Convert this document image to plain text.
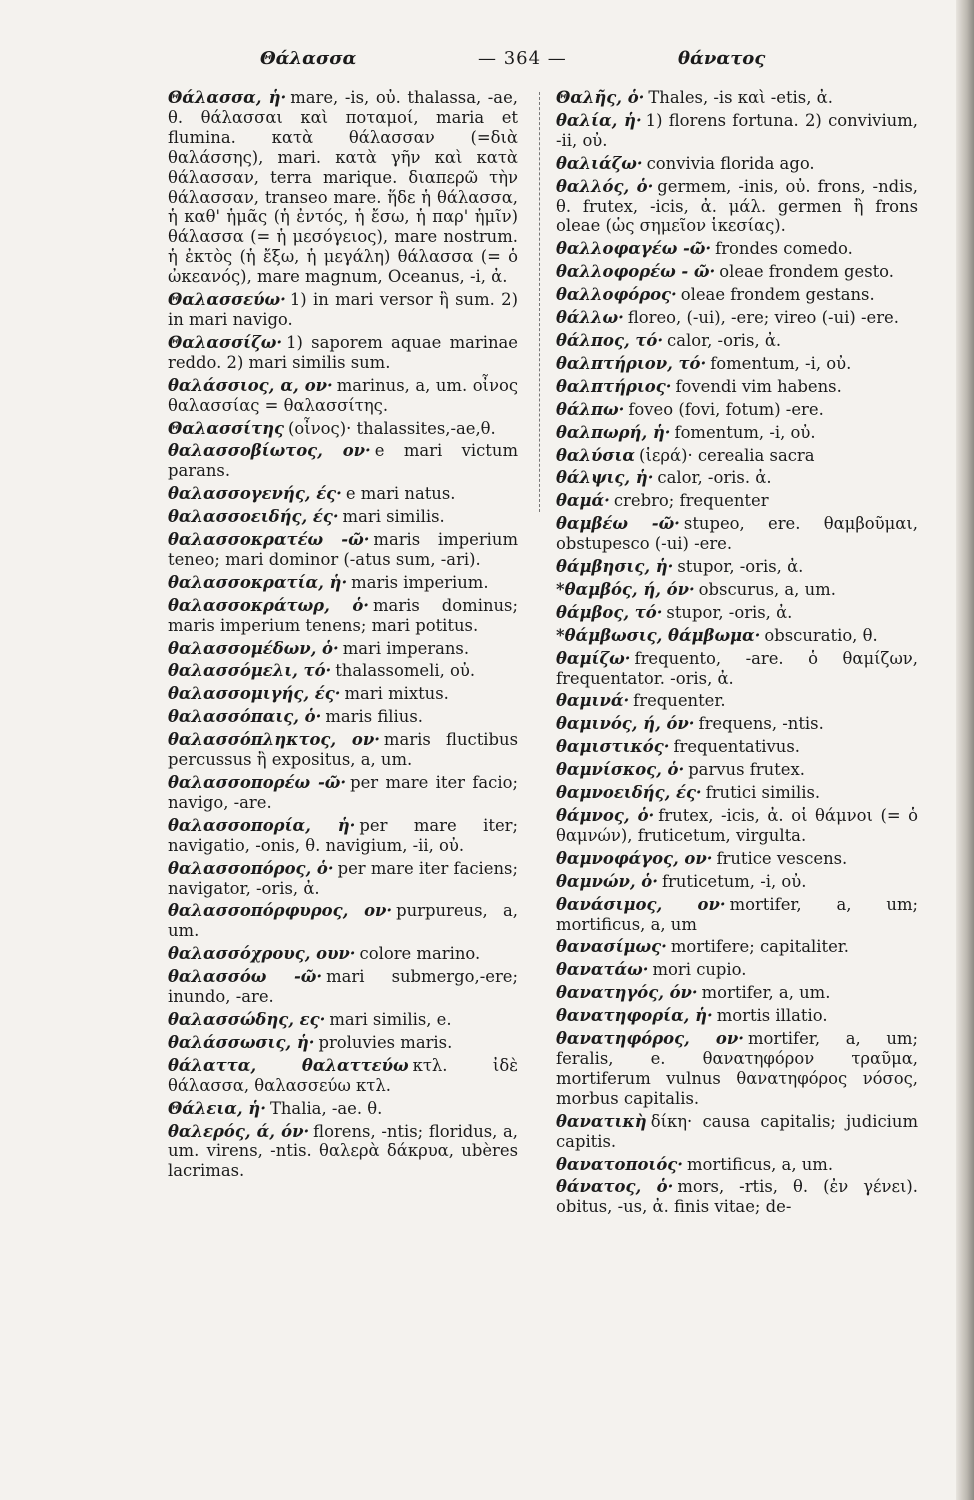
Θάλασσα	— 364 —	θάνατος

Θάλασσα, ἡ· mare, -is, οὐ. thalassa, -ae, θ. θάλασσαι καὶ ποταμοί, maria et flumina. κατὰ θάλασσαν (=διὰ θαλάσσης), mari. κατὰ γῆν καὶ κατὰ θάλασσαν, terra marique. διαπερῶ τὴν θάλασσαν, transeo mare. ἥδε ἡ θάλασσα, ἡ καθ' ἡμᾶς (ἡ ἐντός, ἡ ἔσω, ἡ παρ' ἡμῖν) θάλασσα (= ἡ μεσόγειος), mare nostrum. ἡ ἐκτὸς (ἡ ἔξω, ἡ μεγάλη) θάλασσα (= ὁ ὠκεανός), mare magnum, Oceanus, -i, ἀ.

Θαλασσεύω· 1) in mari versor ἢ sum. 2) in mari navigo.

Θαλασσίζω· 1) saporem aquae marinae reddo. 2) mari similis sum.

θαλάσσιος, α, ον· marinus, a, um. οἶνος θαλασσίας = θαλασσίτης.

Θαλασσίτης (οἶνος)· thalassites,-ae,θ.

θαλασσοβίωτος, ον· e mari victum parans.

θαλασσογενής, ές· e mari natus.

θαλασσοειδής, ές· mari similis.

θαλασσοκρατέω -ῶ· maris imperium teneo; mari dominor (-atus sum, -ari).

θαλασσοκρατία, ἡ· maris imperium.

θαλασσοκράτωρ, ὁ· maris dominus; maris imperium tenens; mari potitus.

θαλασσομέδων, ὁ· mari imperans.

θαλασσόμελι, τό· thalassomeli, οὐ.

θαλασσομιγής, ές· mari mixtus.

θαλασσόπαις, ὁ· maris filius.

θαλασσόπληκτος, ον· maris fluctibus percussus ἢ expositus, a, um.

θαλασσοπορέω -ῶ· per mare iter facio; navigo, -are.

θαλασσοπορία, ἡ· per mare iter; navigatio, -onis, θ. navigium, -ii, οὐ.

θαλασσοπόρος, ὁ· per mare iter faciens; navigator, -oris, ἀ.

θαλασσοπόρφυρος, ον· purpureus, a, um.

θαλασσόχρους, ουν· colore marino.

θαλασσόω -ῶ· mari submergo,-ere; inundo, -are.

θαλασσώδης, ες· mari similis, e.

θαλάσσωσις, ἡ· proluvies maris.

θάλαττα, θαλαττεύω κτλ. ἰδὲ θάλασσα, θαλασσεύω κτλ.

Θάλεια, ἡ· Thalia, -ae. θ.

θαλερός, ά, όν· florens, -ntis; floridus, a, um. virens, -ntis. θαλερὰ δάκρυα, ubères lacrimas.

Θαλῆς, ὁ· Thales, -is καὶ -etis, ἀ.

θαλία, ἡ· 1) florens fortuna. 2) convivium, -ii, οὐ.

θαλιάζω· convivia florida ago.

θαλλός, ὁ· germem, -inis, οὐ. frons, -ndis, θ. frutex, -icis, ἀ. μάλ. germen ἢ frons oleae (ὡς σημεῖον ἱκεσίας).

θαλλοφαγέω -ῶ· frondes comedo.

θαλλοφορέω - ῶ· oleae frondem gesto.

θαλλοφόρος· oleae frondem gestans.

θάλλω· floreo, (-ui), -ere; vireo (-ui) -ere.

θάλπος, τό· calor, -oris, ἀ.

θαλπτήριον, τό· fomentum, -i, οὐ.

θαλπτήριος· fovendi vim habens.

θάλπω· foveo (fovi, fotum) -ere.

θαλπωρή, ἡ· fomentum, -i, οὐ.

θαλύσια (ἱερά)· cerealia sacra

θάλψις, ἡ· calor, -oris. ἀ.

θαμά· crebro; frequenter

θαμβέω -ῶ· stupeo, ere. θαμβοῦμαι, obstupesco (-ui) -ere.

θάμβησις, ἡ· stupor, -oris, ἀ.

*θαμβός, ή, όν· obscurus, a, um.

θάμβος, τό· stupor, -oris, ἀ.

*θάμβωσις, θάμβωμα· obscuratio, θ.

θαμίζω· frequento, -are. ὁ θαμίζων, frequentator. -oris, ἀ.

θαμινά· frequenter.

θαμινός, ή, όν· frequens, -ntis.

θαμιστικός· frequentativus.

θαμνίσκος, ὁ· parvus frutex.

θαμνοειδής, ές· frutici similis.

θάμνος, ὁ· frutex, -icis, ἀ. οἱ θάμνοι (= ὁ θαμνών), fruticetum, virgulta.

θαμνοφάγος, ον· frutice vescens.

θαμνών, ὁ· fruticetum, -i, οὐ.

θανάσιμος, ον· mortifer, a, um; mortificus, a, um

θανασίμως· mortifere; capitaliter.

θανατάω· mori cupio.

θανατηγός, όν· mortifer, a, um.

θανατηφορία, ἡ· mortis illatio.

θανατηφόρος, ον· mortifer, a, um; feralis, e. θανατηφόρον τραῦμα, mortiferum vulnus θανατηφόρος νόσος, morbus capitalis.

θανατικὴ δίκη· causa capitalis; judicium capitis.

θανατοποιός· mortificus, a, um.

θάνατος, ὁ· mors, -rtis, θ. (ἐν γένει). obitus, -us, ἀ. finis vitae; de-
